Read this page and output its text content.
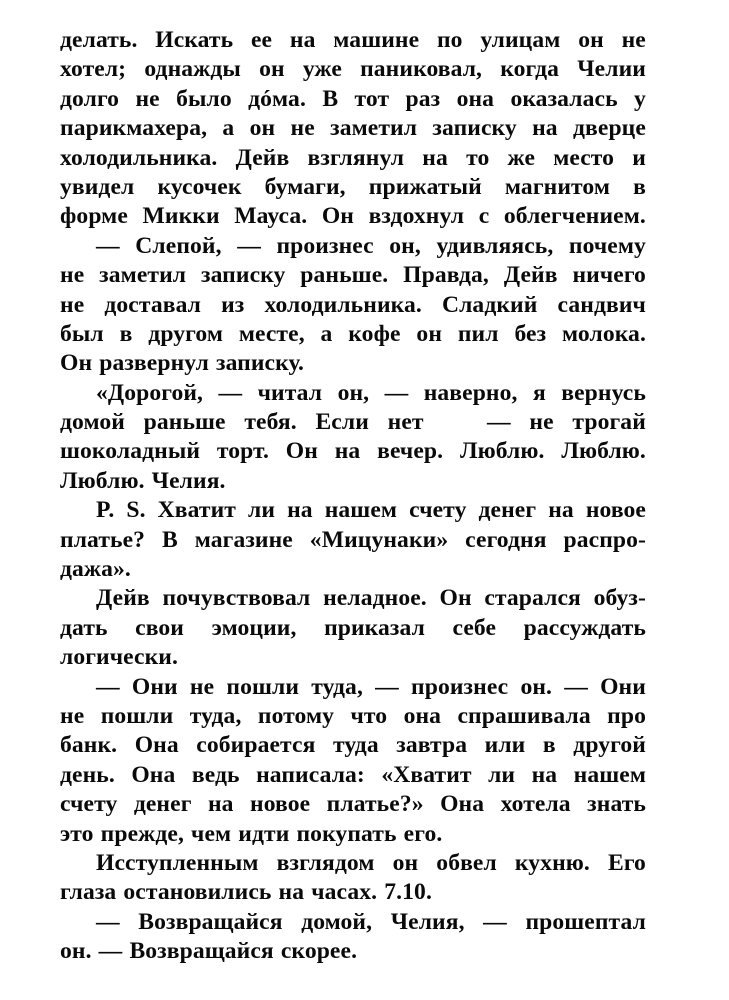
делать. Искать ее на машине по улицам он не
хотел; однажды он уже паниковал, когда Челии
долго не было дóма. В тот раз она оказалась у
парикмахера, а он не заметил записку на дверце
холодильника. Дейв взглянул на то же место и
увидел кусочек бумаги, прижатый магнитом в
форме Микки Мауса. Он вздохнул с облегчением.
— Слепой, — произнес он, удивляясь, почему
не заметил записку раньше. Правда, Дейв ничего
не доставал из холодильника. Сладкий сандвич
был в другом месте, а кофе он пил без молока.
Он развернул записку.
«Дорогой, — читал он, — наверно, я вернусь
домой раньше тебя. Если нет	— не трогай
шоколадный торт. Он на вечер. Люблю. Люблю.
Люблю. Челия.
P. S. Хватит ли на нашем счету денег на новое
платье? В магазине «Мицунаки» сегодня распро-
дажа».
Дейв почувствовал неладное. Он старался обуз-
дать свои эмоции, приказал себе рассуждать
логически.
— Они не пошли туда, — произнес он. — Они
не пошли туда, потому что она спрашивала про
банк. Она собирается туда завтра или в другой
день. Она ведь написала: «Хватит ли на нашем
счету денег на новое платье?» Она хотела знать
это прежде, чем идти покупать его.
Исступленным взглядом он обвел кухню. Его
глаза остановились на часах. 7.10.
— Возвращайся домой, Челия, — прошептал
он. — Возвращайся скорее.
